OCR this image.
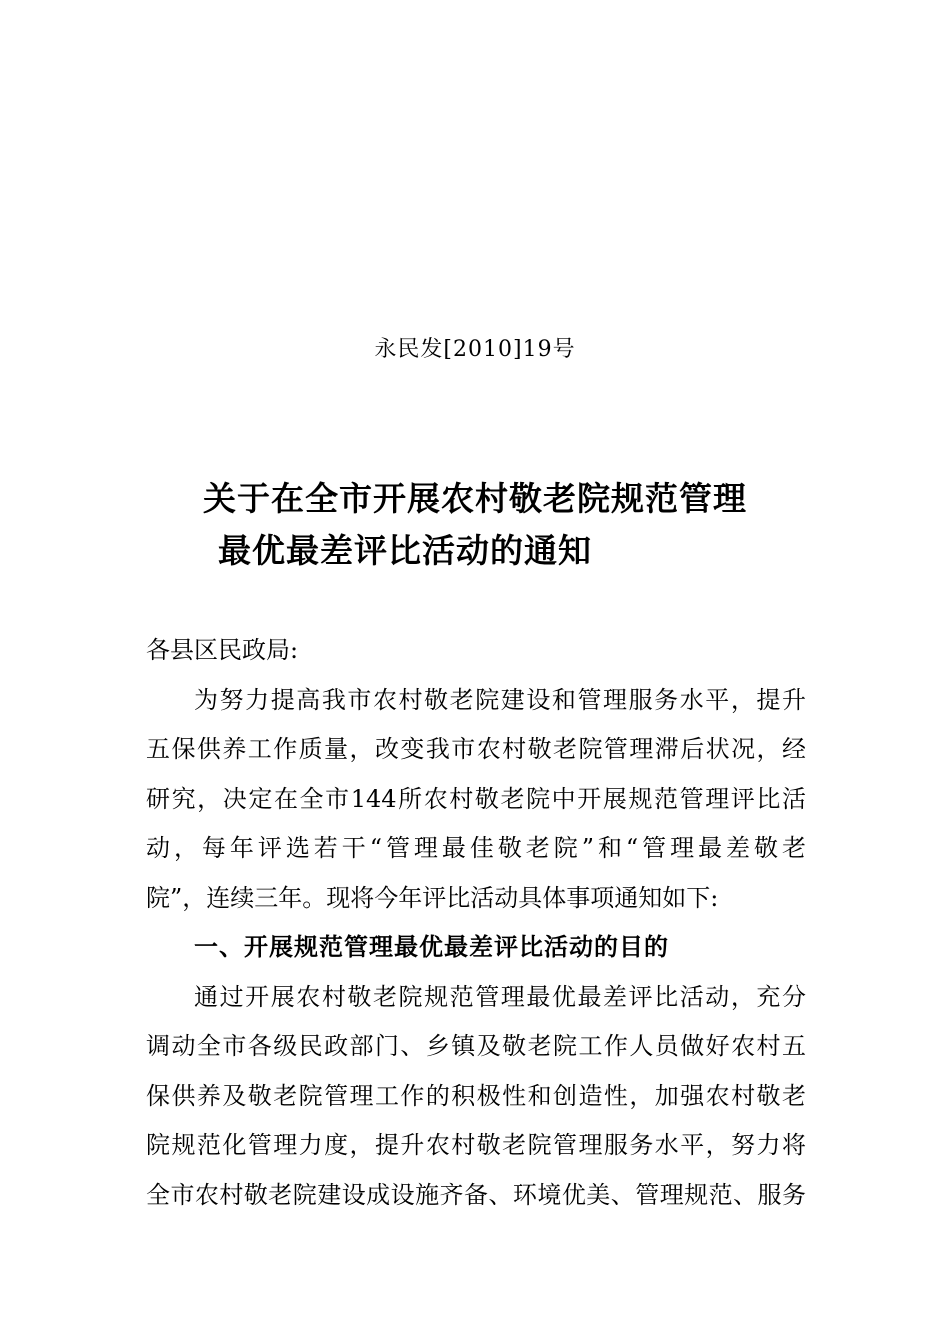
永民发[2010]19号
关于在全市开展农村敬老院规范管理
最优最差评比活动的通知

各县区民政局:

为努力提高我市农村敬老院建设和管理服务水平，提升
五保供养工作质量，改变我市农村敬老院管理滞后状况，经
研究，决定在全市144所农村敬老院中开展规范管理评比活
动，每年评选若干“管理最佳敬老院”和“管理最差敬老
院”，连续三年。现将今年评比活动具体事项通知如下:

一、开展规范管理最优最差评比活动的目的

通过开展农村敬老院规范管理最优最差评比活动，充分
调动全市各级民政部门、乡镇及敬老院工作人员做好农村五
保供养及敬老院管理工作的积极性和创造性，加强农村敬老
院规范化管理力度，提升农村敬老院管理服务水平，努力将
全市农村敬老院建设成设施齐备、环境优美、管理规范、服务
